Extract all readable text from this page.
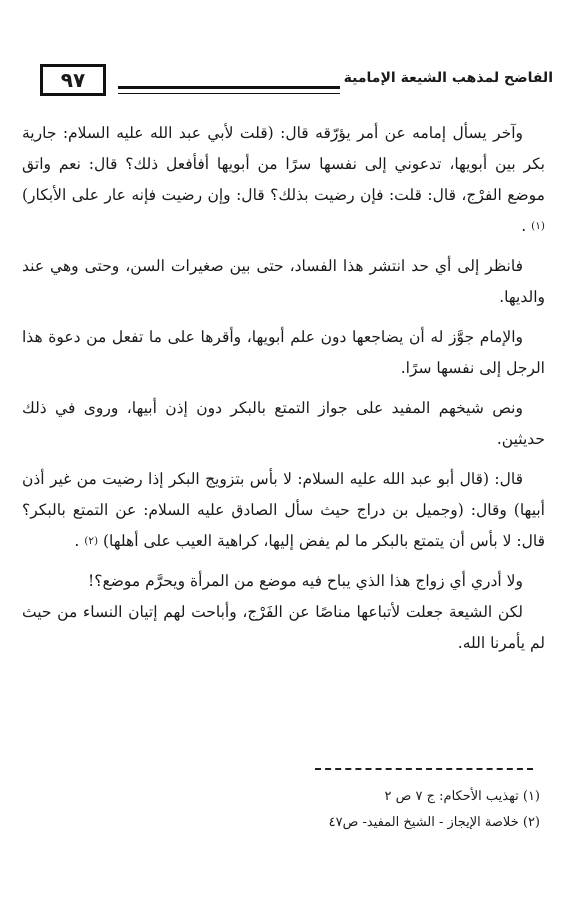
٩٧	الفاضح لمذهب الشيعة الإمامية

وآخر يسأل إمامه عن أمر يؤرّقه قال: (قلت لأبي عبد الله عليه السلام: جارية بكر بين أبويها، تدعوني إلى نفسها سرًا من أبويها أفأفعل ذلك؟ قال: نعم واتق موضع الفرْج، قال: قلت: فإن رضيت بذلك؟ قال: وإن رضيت فإنه عار على الأبكار) (١) .

فانظر إلى أي حد انتشر هذا الفساد، حتى بين صغيرات السن، وحتى وهي عند والديها.

والإمام جوَّز له أن يضاجعها دون علم أبويها، وأقرها على ما تفعل من دعوة هذا الرجل إلى نفسها سرًا.

ونص شيخهم المفيد على جواز التمتع بالبكر دون إذن أبيها، وروى في ذلك حديثين.

قال: (قال أبو عبد الله عليه السلام: لا بأس بتزويج البكر إذا رضيت من غير أذن أبيها) وقال: (وجميل بن دراج حيث سأل الصادق عليه السلام: عن التمتع بالبكر؟ قال: لا بأس أن يتمتع بالبكر ما لم يفض إليها، كراهية العيب على أهلها) (٢) .

ولا أدري أي زواج هذا الذي يباح فيه موضع من المرأة ويحرَّم موضع؟!

لكن الشيعة جعلت لأتباعها مناصًا عن الفَرْج، وأباحت لهم إتيان النساء من حيث لم يأمرنا الله.

(١) تهذيب الأحكام: ج ٧ ص ٢

(٢) خلاصة الإيجاز - الشيخ المفيد- ص٤٧
